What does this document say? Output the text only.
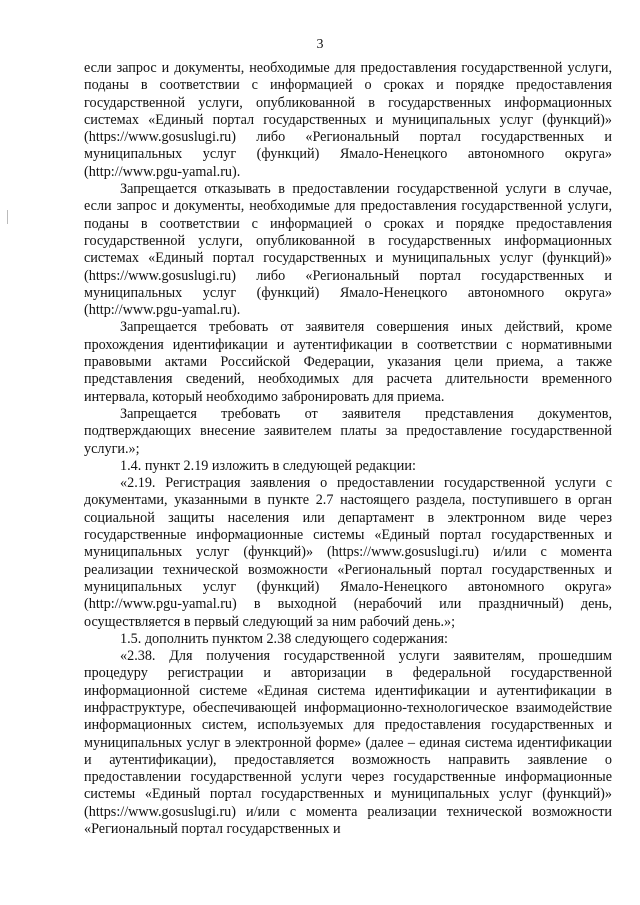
3

если запрос и документы, необходимые для предоставления государственной услуги, поданы в соответствии с информацией о сроках и порядке предоставления государственной услуги, опубликованной в государственных информационных системах «Единый портал государственных и муниципальных услуг (функций)» (https://www.gosuslugi.ru) либо «Региональный портал государственных и муниципальных услуг (функций) Ямало-Ненецкого автономного округа» (http://www.pgu-yamal.ru).

Запрещается отказывать в предоставлении государственной услуги в случае, если запрос и документы, необходимые для предоставления государственной услуги, поданы в соответствии с информацией о сроках и порядке предоставления государственной услуги, опубликованной в государственных информационных системах «Единый портал государственных и муниципальных услуг (функций)» (https://www.gosuslugi.ru) либо «Региональный портал государственных и муниципальных услуг (функций) Ямало-Ненецкого автономного округа» (http://www.pgu-yamal.ru).

Запрещается требовать от заявителя совершения иных действий, кроме прохождения идентификации и аутентификации в соответствии с нормативными правовыми актами Российской Федерации, указания цели приема, а также представления сведений, необходимых для расчета длительности временного интервала, который необходимо забронировать для приема.

Запрещается требовать от заявителя представления документов, подтверждающих внесение заявителем платы за предоставление государственной услуги.»;

1.4. пункт 2.19 изложить в следующей редакции:

«2.19. Регистрация заявления о предоставлении государственной услуги с документами, указанными в пункте 2.7 настоящего раздела, поступившего в орган социальной защиты населения или департамент в электронном виде через государственные информационные системы «Единый портал государственных и муниципальных услуг (функций)» (https://www.gosuslugi.ru) и/или с момента реализации технической возможности «Региональный портал государственных и муниципальных услуг (функций) Ямало-Ненецкого автономного округа» (http://www.pgu-yamal.ru) в выходной (нерабочий или праздничный) день, осуществляется в первый следующий за ним рабочий день.»;

1.5. дополнить пунктом 2.38 следующего содержания:

«2.38. Для получения государственной услуги заявителям, прошедшим процедуру регистрации и авторизации в федеральной государственной информационной системе «Единая система идентификации и аутентификации в инфраструктуре, обеспечивающей информационно-технологическое взаимодействие информационных систем, используемых для предоставления государственных и муниципальных услуг в электронной форме» (далее – единая система идентификации и аутентификации), предоставляется возможность направить заявление о предоставлении государственной услуги через государственные информационные системы «Единый портал государственных и муниципальных услуг (функций)» (https://www.gosuslugi.ru) и/или с момента реализации технической возможности «Региональный портал государственных и
